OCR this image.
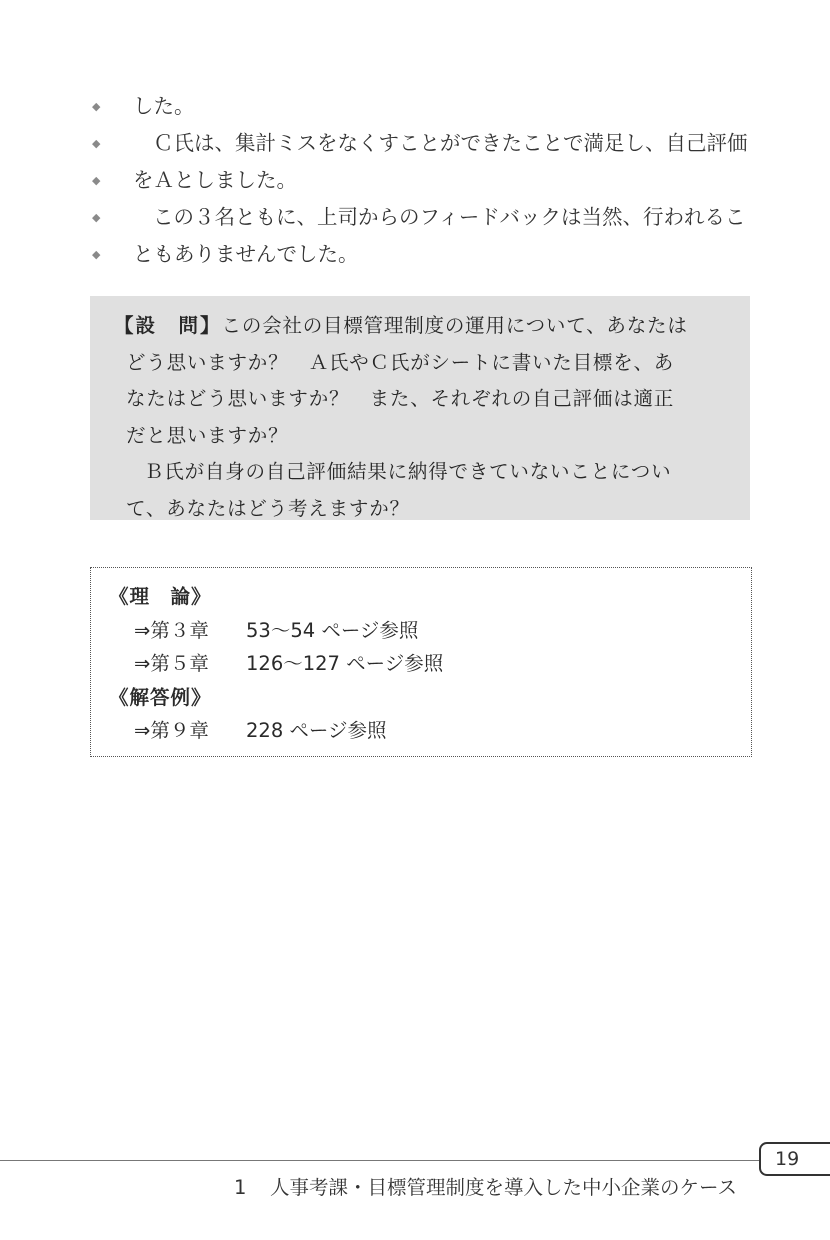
◆ した。
◆	Ｃ氏は、集計ミスをなくすことができたことで満足し、自己評価
◆ をＡとしました。
◆	この３名ともに、上司からのフィードバックは当然、行われるこ
◆ ともありませんでした。
【設　問】この会社の目標管理制度の運用について、あなたは
どう思いますか？　Ａ氏やＣ氏がシートに書いた目標を、あ
なたはどう思いますか？　また、それぞれの自己評価は適正
だと思いますか？
Ｂ氏が自身の自己評価結果に納得できていないことについ
て、あなたはどう考えますか？
《理　論》
⇒第３章 53〜54 ページ参照
⇒第５章 126〜127 ページ参照
《解答例》
⇒第９章 228 ページ参照
19
1 人事考課・目標管理制度を導入した中小企業のケース
